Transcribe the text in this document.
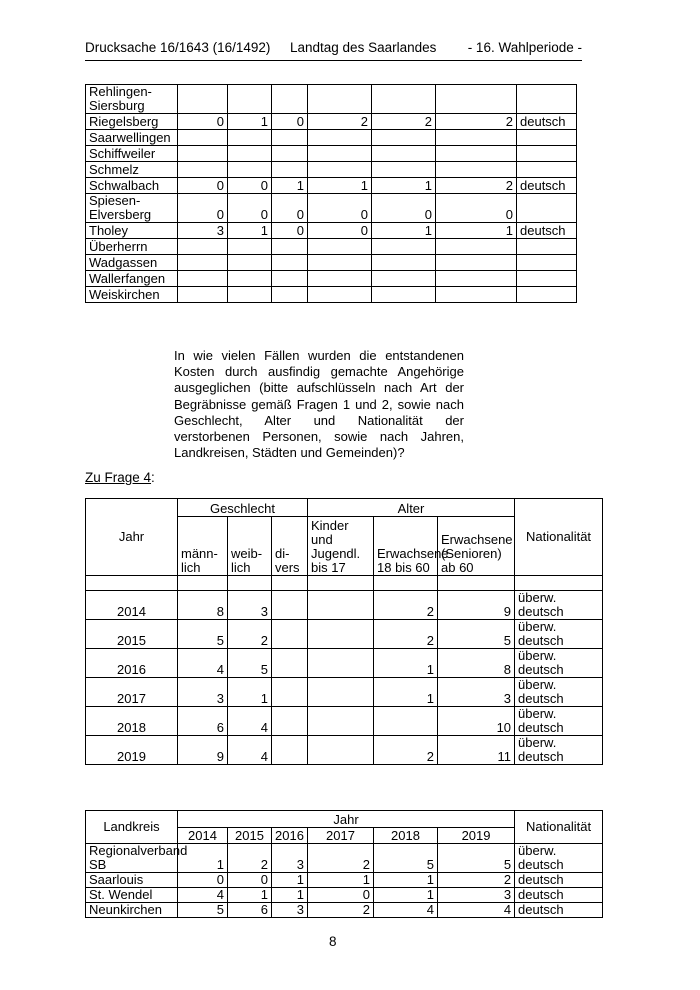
Drucksache 16/1643 (16/1492) Landtag des Saarlandes - 16. Wahlperiode -
Rehlingen-Siersburg							
Riegelsberg	0	1	0	2	2	2	deutsch
Saarwellingen							
Schiffweiler							
Schmelz							
Schwalbach	0	0	1	1	1	2	deutsch
Spiesen-Elversberg	0	0	0	0	0	0	
Tholey	3	1	0	0	1	1	deutsch
Überherrn							
Wadgassen							
Wallerfangen							
Weiskirchen							
In wie vielen Fällen wurden die entstandenen Kosten durch ausfindig gemachte Angehörige ausgeglichen (bitte aufschlüsseln nach Art der Begräbnisse gemäß Fragen 1 und 2, sowie nach Geschlecht, Alter und Nationalität der verstorbenen Personen, sowie nach Jahren, Landkreisen, Städten und Gemeinden)?
Zu Frage 4:
Jahr	Geschlecht			Alter			Nationalität
	männ-lich	weib-lich	di-vers	Kinder und Jugendl. bis 17	Erwachsene 18 bis 60	Erwachsene (Senioren) ab 60	

2014	8	3			2	9	überw. deutsch
2015	5	2			2	5	überw. deutsch
2016	4	5			1	8	überw. deutsch
2017	3	1			1	3	überw. deutsch
2018	6	4				10	überw. deutsch
2019	9	4			2	11	überw. deutsch
Landkreis	Jahr						Nationalität
	2014	2015	2016	2017	2018	2019	
Regionalverband SB	1	2	3	2	5	5	überw. deutsch
Saarlouis	0	0	1	1	1	2	deutsch
St. Wendel	4	1	1	0	1	3	deutsch
Neunkirchen	5	6	3	2	4	4	deutsch
8
